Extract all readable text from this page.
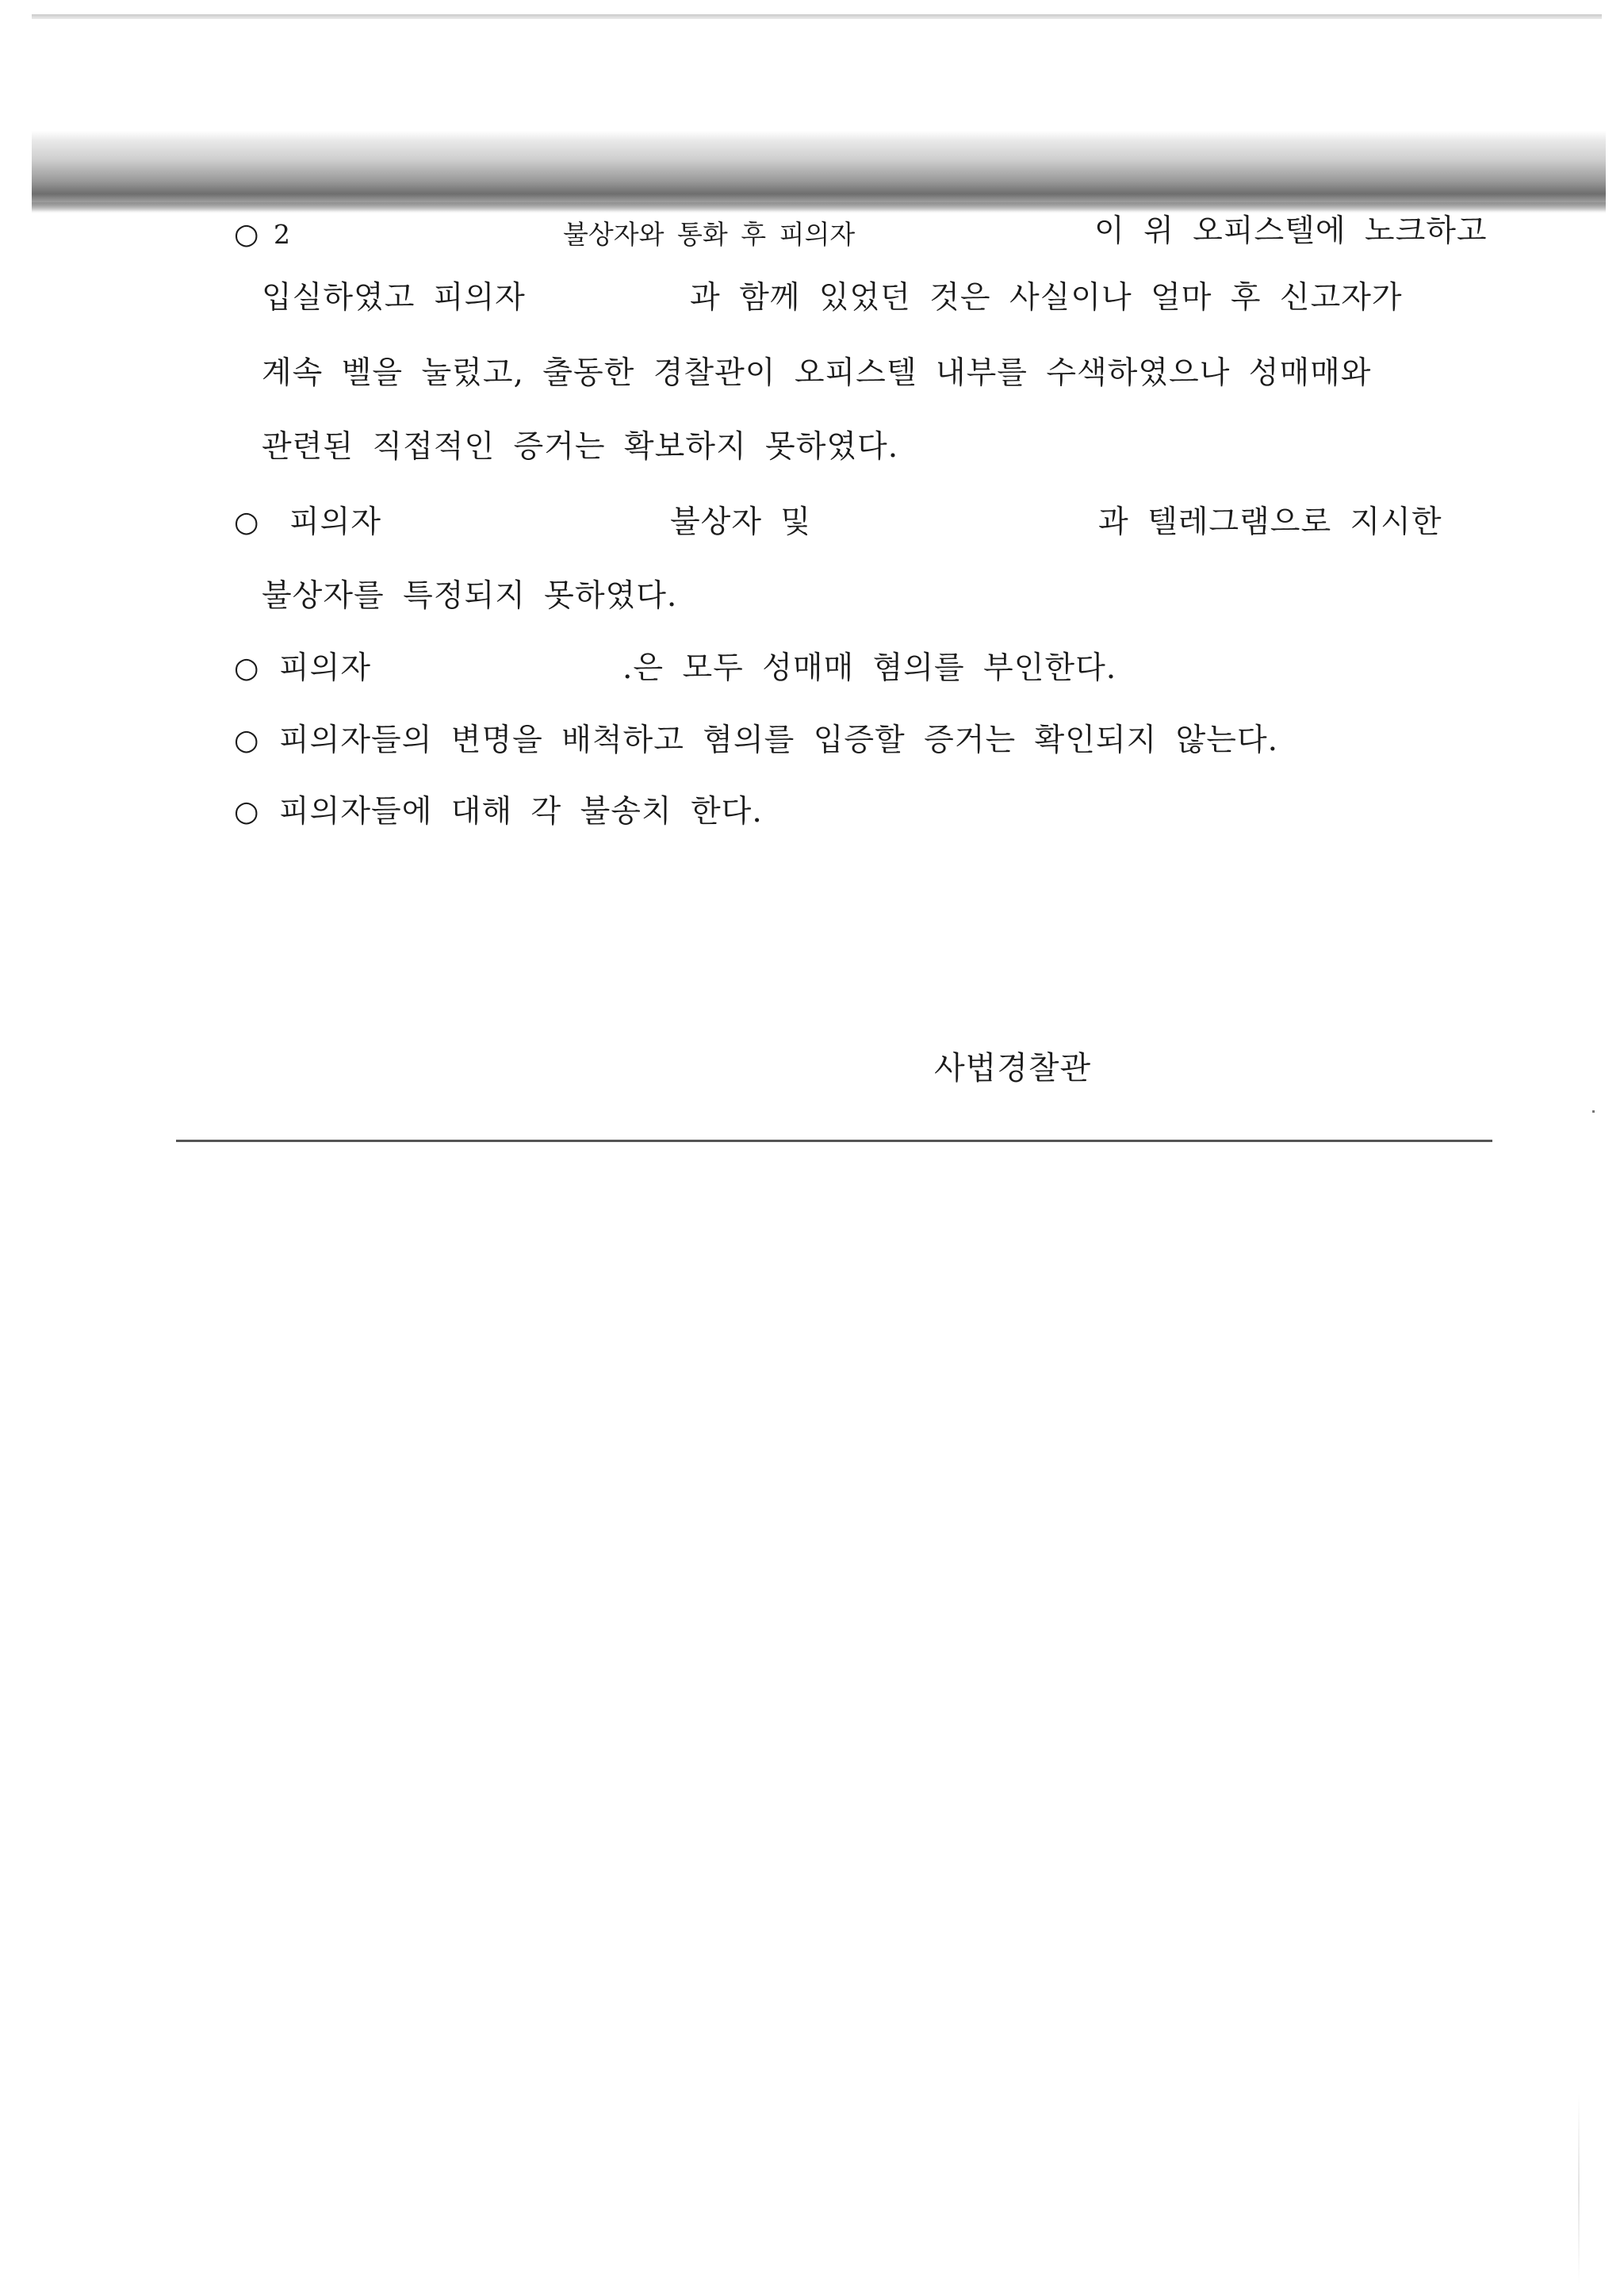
○ 2	불상자와 통화 후 피의자	이 위 오피스텔에 노크하고
입실하였고 피의자	과 함께 있었던 것은 사실이나 얼마 후 신고자가
계속 벨을 눌렀고, 출동한 경찰관이 오피스텔 내부를 수색하였으나 성매매와
관련된 직접적인 증거는 확보하지 못하였다.
○ 피의자	불상자 및	과 텔레그램으로 지시한
불상자를 특정되지 못하였다.
○ 피의자	.은 모두 성매매 혐의를 부인한다.
○ 피의자들의 변명을 배척하고 혐의를 입증할 증거는 확인되지 않는다.
○ 피의자들에 대해 각 불송치 한다.
사법경찰관
